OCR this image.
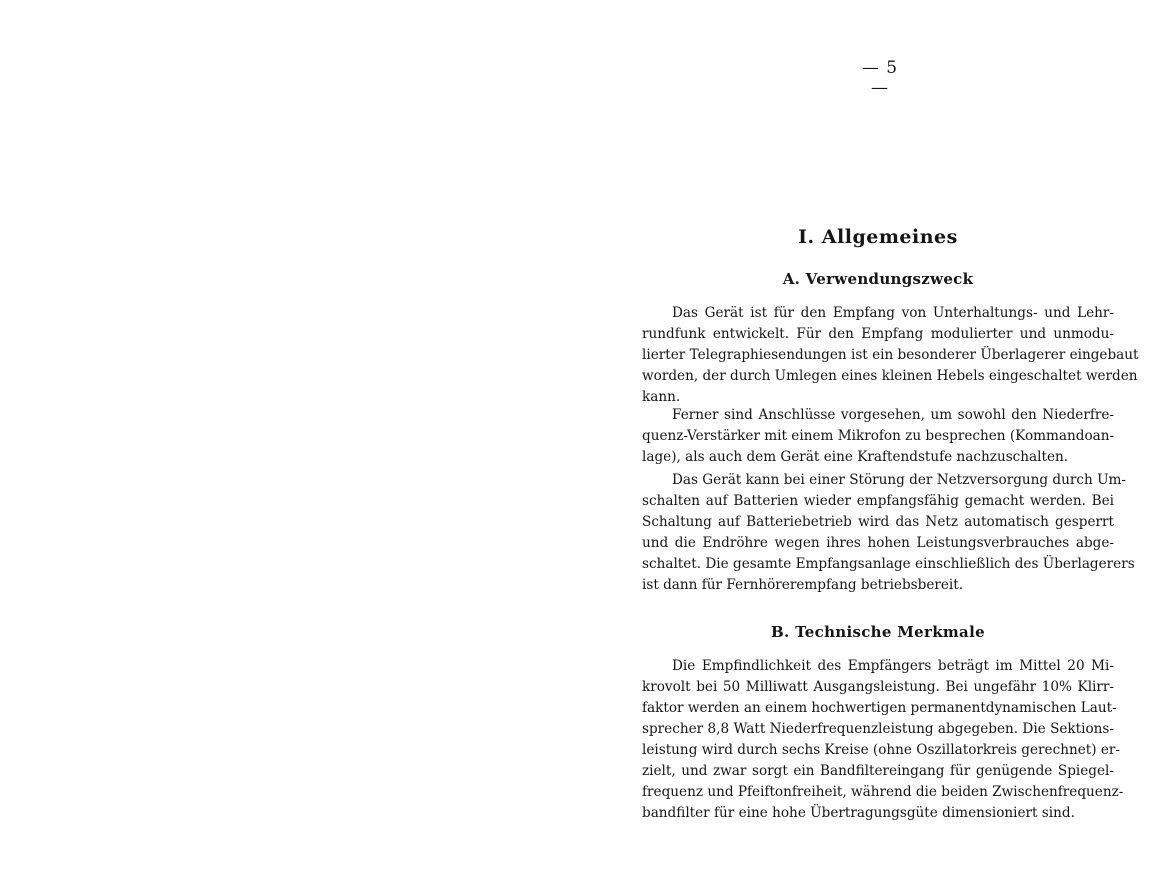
— 5 —
I. Allgemeines
A. Verwendungszweck
Das Gerät ist für den Empfang von Unterhaltungs- und Lehr-
rundfunk entwickelt. Für den Empfang modulierter und unmodu-
lierter Telegraphiesendungen ist ein besonderer Überlagerer eingebaut
worden, der durch Umlegen eines kleinen Hebels eingeschaltet werden
kann.
Ferner sind Anschlüsse vorgesehen, um sowohl den Niederfre-
quenz-Verstärker mit einem Mikrofon zu besprechen (Kommandoan-
lage), als auch dem Gerät eine Kraftendstufe nachzuschalten.
Das Gerät kann bei einer Störung der Netzversorgung durch Um-
schalten auf Batterien wieder empfangsfähig gemacht werden. Bei
Schaltung auf Batteriebetrieb wird das Netz automatisch gesperrt
und die Endröhre wegen ihres hohen Leistungsverbrauches abge-
schaltet. Die gesamte Empfangsanlage einschließlich des Überlagerers
ist dann für Fernhörerempfang betriebsbereit.
B. Technische Merkmale
Die Empfindlichkeit des Empfängers beträgt im Mittel 20 Mi-
krovolt bei 50 Milliwatt Ausgangsleistung. Bei ungefähr 10% Klirr-
faktor werden an einem hochwertigen permanentdynamischen Laut-
sprecher 8,8 Watt Niederfrequenzleistung abgegeben. Die Sektions-
leistung wird durch sechs Kreise (ohne Oszillatorkreis gerechnet) er-
zielt, und zwar sorgt ein Bandfiltereingang für genügende Spiegel-
frequenz und Pfeiftonfreiheit, während die beiden Zwischenfrequenz-
bandfilter für eine hohe Übertragungsgüte dimensioniert sind.
